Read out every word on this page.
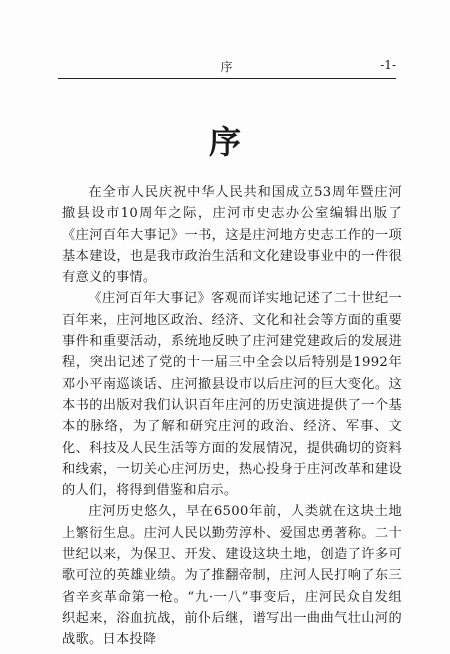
序	-1-
序

在全市人民庆祝中华人民共和国成立53周年暨庄河撤县设市10周年之际，庄河市史志办公室编辑出版了《庄河百年大事记》一书，这是庄河地方史志工作的一项基本建设，也是我市政治生活和文化建设事业中的一件很有意义的事情。

《庄河百年大事记》客观而详实地记述了二十世纪一百年来，庄河地区政治、经济、文化和社会等方面的重要事件和重要活动，系统地反映了庄河建党建政后的发展进程，突出记述了党的十一届三中全会以后特别是1992年邓小平南巡谈话、庄河撤县设市以后庄河的巨大变化。这本书的出版对我们认识百年庄河的历史演进提供了一个基本的脉络，为了解和研究庄河的政治、经济、军事、文化、科技及人民生活等方面的发展情况，提供确切的资料和线索，一切关心庄河历史，热心投身于庄河改革和建设的人们，将得到借鉴和启示。

庄河历史悠久，早在6500年前，人类就在这块土地上繁衍生息。庄河人民以勤劳淳朴、爱国忠勇著称。二十世纪以来，为保卫、开发、建设这块土地，创造了许多可歌可泣的英雄业绩。为了推翻帝制，庄河人民打响了东三省辛亥革命第一枪。“九·一八”事变后，庄河民众自发组织起来，浴血抗战，前仆后继，谱写出一曲曲气壮山河的战歌。日本投降
